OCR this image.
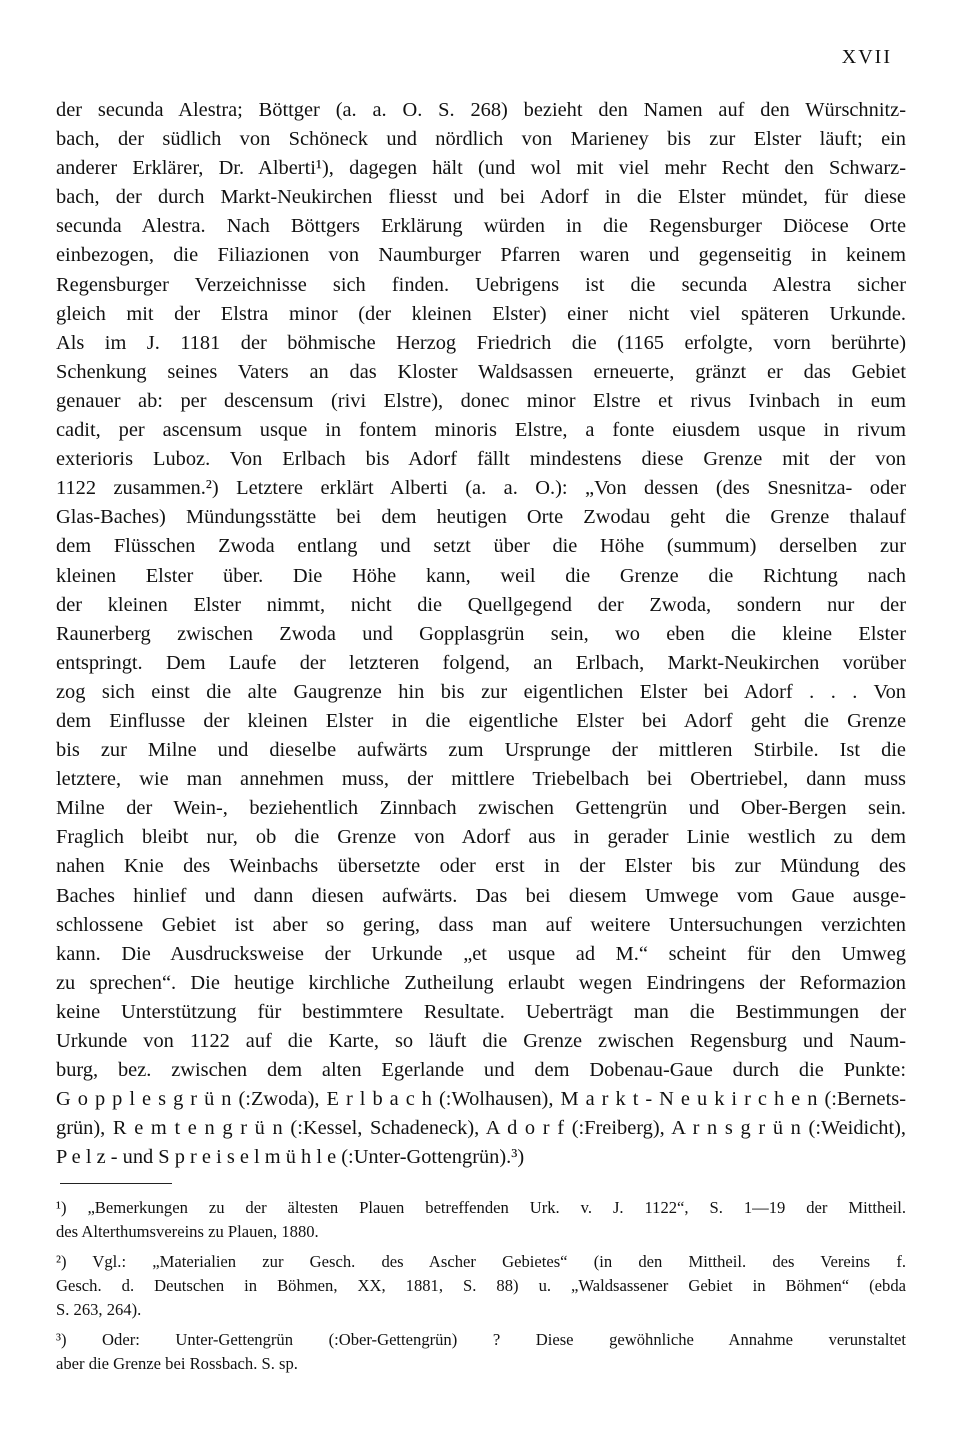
XVII
der secunda Alestra; Böttger (a. a. O. S. 268) bezieht den Namen auf den Würschnitz-
bach, der südlich von Schöneck und nördlich von Marieney bis zur Elster läuft; ein
anderer Erklärer, Dr. Alberti¹), dagegen hält (und wol mit viel mehr Recht den Schwarz-
bach, der durch Markt-Neukirchen fliesst und bei Adorf in die Elster mündet, für diese
secunda Alestra. Nach Böttgers Erklärung würden in die Regensburger Diöcese Orte
einbezogen, die Filiazionen von Naumburger Pfarren waren und gegenseitig in keinem
Regensburger Verzeichnisse sich finden. Uebrigens ist die secunda Alestra sicher
gleich mit der Elstra minor (der kleinen Elster) einer nicht viel späteren Urkunde.
Als im J. 1181 der böhmische Herzog Friedrich die (1165 erfolgte, vorn berührte)
Schenkung seines Vaters an das Kloster Waldsassen erneuerte, gränzt er das Gebiet
genauer ab: per descensum (rivi Elstre), donec minor Elstre et rivus Ivinbach in eum
cadit, per ascensum usque in fontem minoris Elstre, a fonte eiusdem usque in rivum
exterioris Luboz. Von Erlbach bis Adorf fällt mindestens diese Grenze mit der von
1122 zusammen.²) Letztere erklärt Alberti (a. a. O.): „Von dessen (des Snesnitza- oder
Glas-Baches) Mündungsstätte bei dem heutigen Orte Zwodau geht die Grenze thalauf
dem Flüsschen Zwoda entlang und setzt über die Höhe (summum) derselben zur
kleinen Elster über. Die Höhe kann, weil die Grenze die Richtung nach
der kleinen Elster nimmt, nicht die Quellgegend der Zwoda, sondern nur der
Raunerberg zwischen Zwoda und Gopplasgrün sein, wo eben die kleine Elster
entspringt. Dem Laufe der letzteren folgend, an Erlbach, Markt-Neukirchen vorüber
zog sich einst die alte Gaugrenze hin bis zur eigentlichen Elster bei Adorf . . . Von
dem Einflusse der kleinen Elster in die eigentliche Elster bei Adorf geht die Grenze
bis zur Milne und dieselbe aufwärts zum Ursprunge der mittleren Stirbile. Ist die
letztere, wie man annehmen muss, der mittlere Triebelbach bei Obertriebel, dann muss
Milne der Wein-, beziehentlich Zinnbach zwischen Gettengrün und Ober-Bergen sein.
Fraglich bleibt nur, ob die Grenze von Adorf aus in gerader Linie westlich zu dem
nahen Knie des Weinbachs übersetzte oder erst in der Elster bis zur Mündung des
Baches hinlief und dann diesen aufwärts. Das bei diesem Umwege vom Gaue ausge-
schlossene Gebiet ist aber so gering, dass man auf weitere Untersuchungen verzichten
kann. Die Ausdrucksweise der Urkunde „et usque ad M.“ scheint für den Umweg
zu sprechen“. Die heutige kirchliche Zutheilung erlaubt wegen Eindringens der Reformazion
keine Unterstützung für bestimmtere Resultate. Ueberträgt man die Bestimmungen der
Urkunde von 1122 auf die Karte, so läuft die Grenze zwischen Regensburg und Naum-
burg, bez. zwischen dem alten Egerlande und dem Dobenau-Gaue durch die Punkte:
G o p p l e s g r ü n (:Zwoda), E r l b a c h (:Wolhausen), M a r k t - N e u k i r c h e n (:Bernets-
grün), R e m t e n g r ü n (:Kessel, Schadeneck), A d o r f (:Freiberg), A r n s g r ü n (:Weidicht),
P e l z - und S p r e i s e l m ü h l e (:Unter-Gottengrün).³)
¹) „Bemerkungen zu der ältesten Plauen betreffenden Urk. v. J. 1122“, S. 1—19 der Mittheil.
des Alterthumsvereins zu Plauen, 1880.
²) Vgl.: „Materialien zur Gesch. des Ascher Gebietes“ (in den Mittheil. des Vereins f.
Gesch. d. Deutschen in Böhmen, XX, 1881, S. 88) u. „Waldsassener Gebiet in Böhmen“ (ebda
S. 263, 264).
³) Oder: Unter-Gettengrün (:Ober-Gettengrün) ? Diese gewöhnliche Annahme verunstaltet
aber die Grenze bei Rossbach. S. sp.
